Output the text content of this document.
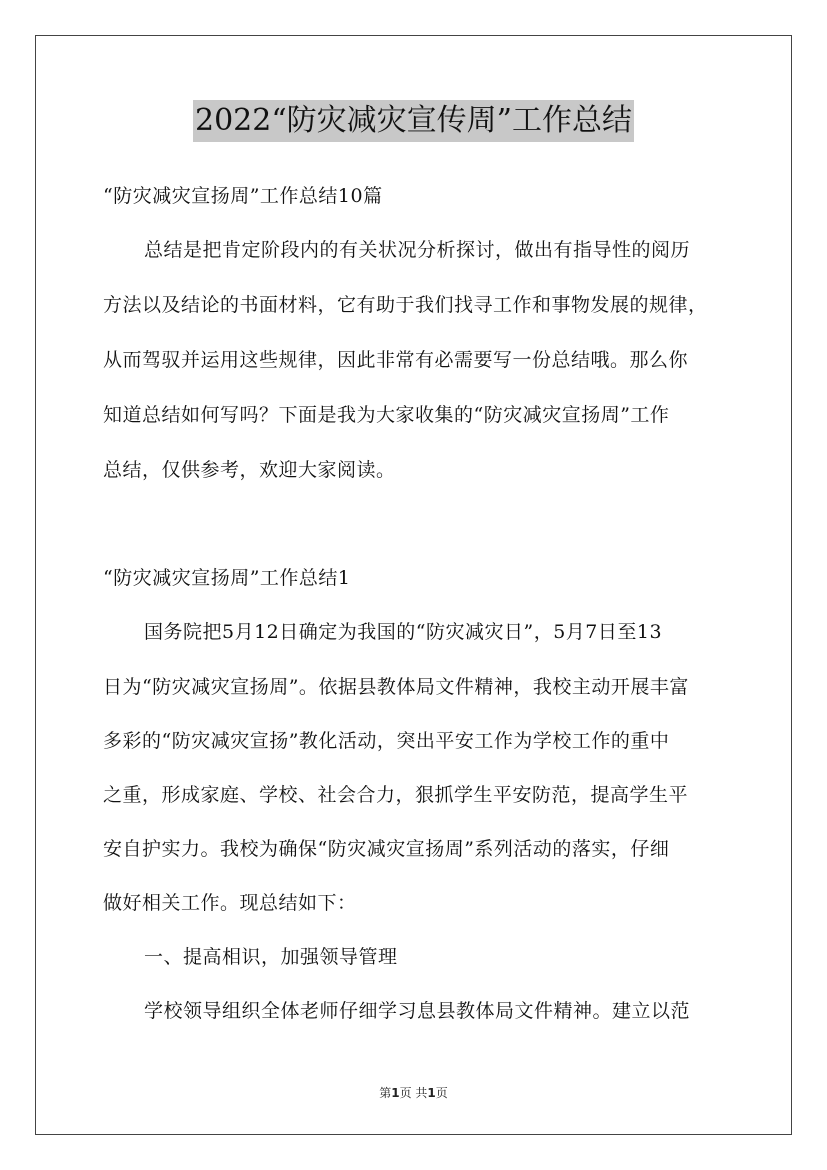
2022“防灾减灾宣传周”工作总结
“防灾减灾宣扬周”工作总结10篇
总结是把肯定阶段内的有关状况分析探讨，做出有指导性的阅历
方法以及结论的书面材料，它有助于我们找寻工作和事物发展的规律，
从而驾驭并运用这些规律，因此非常有必需要写一份总结哦。那么你
知道总结如何写吗？下面是我为大家收集的“防灾减灾宣扬周”工作
总结，仅供参考，欢迎大家阅读。
“防灾减灾宣扬周”工作总结1
国务院把5月12日确定为我国的“防灾减灾日”，5月7日至13
日为“防灾减灾宣扬周”。依据县教体局文件精神，我校主动开展丰富
多彩的“防灾减灾宣扬”教化活动，突出平安工作为学校工作的重中
之重，形成家庭、学校、社会合力，狠抓学生平安防范，提高学生平
安自护实力。我校为确保“防灾减灾宣扬周”系列活动的落实，仔细
做好相关工作。现总结如下：
一、提高相识，加强领导管理
学校领导组织全体老师仔细学习息县教体局文件精神。建立以范
第1页 共1页
